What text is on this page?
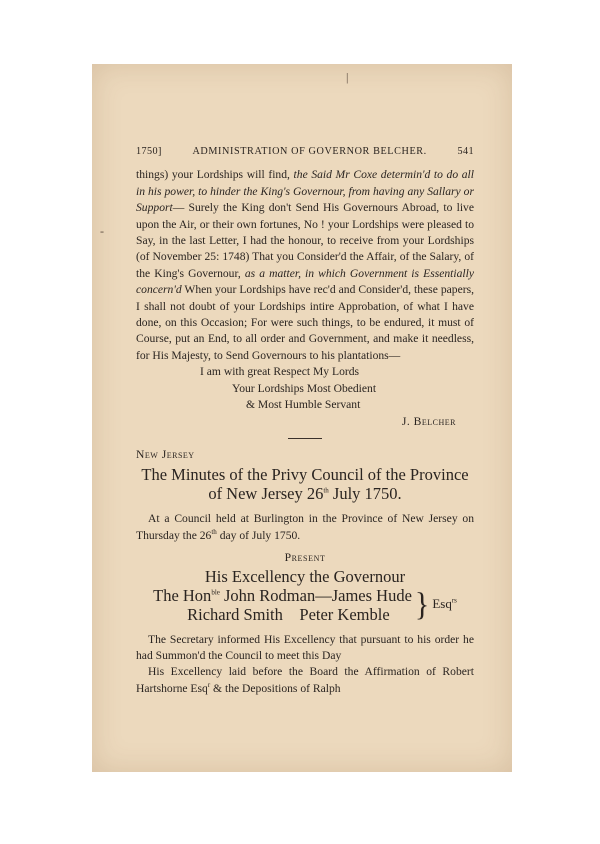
|
-
1750]	ADMINISTRATION OF GOVERNOR BELCHER.	541

things) your Lordships will find, the Said Mr Coxe determin'd to do all in his power, to hinder the King's Governour, from having any Sallary or Support— Surely the King don't Send His Governours Abroad, to live upon the Air, or their own fortunes, No ! your Lordships were pleased to Say, in the last Letter, I had the honour, to receive from your Lordships (of November 25: 1748) That you Consider'd the Affair, of the Salary, of the King's Governour, as a matter, in which Government is Essentially concern'd When your Lordships have rec'd and Consider'd, these papers, I shall not doubt of your Lordships intire Approbation, of what I have done, on this Occasion; For were such things, to be endured, it must of Course, put an End, to all order and Government, and make it needless, for His Majesty, to Send Governours to his plantations—

I am with great Respect My Lords

Your Lordships Most Obedient

& Most Humble Servant

J. Belcher

New Jersey

The Minutes of the Privy Council of the Province of New Jersey 26th July 1750.

At a Council held at Burlington in the Province of New Jersey on Thursday the 26th day of July 1750.

Present

His Excellency the Governour

The Hon$^{ble}$ John Rodman—James Hude
Richard Smith    Peter Kemble } Esq$^{rs}$

The Secretary informed His Excellency that pursuant to his order he had Summon'd the Council to meet this Day

His Excellency laid before the Board the Affirmation of Robert Hartshorne Esq$^r$ & the Depositions of Ralph
